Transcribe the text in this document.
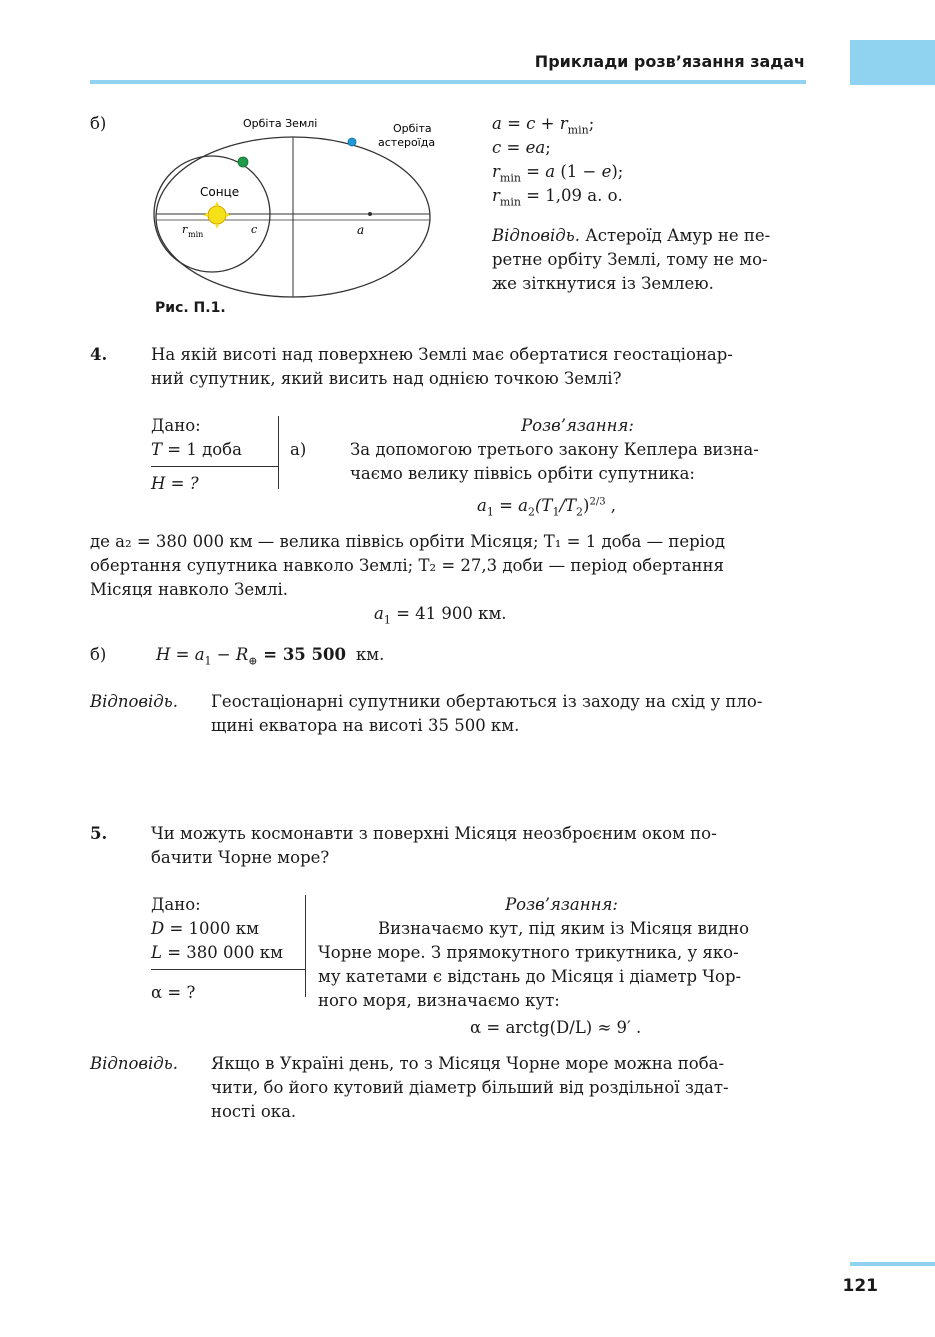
Приклади розв’язання задач
б)	Орбіта Землі	Орбіта
астероїда
Сонце
r min	c	a
Рис. П.1.
$a = c + r_{min}$;
c = ea;
$r_{min} = a$ (1 − e);
$r_{min} = 1,09$ а. о.
Відповідь. Астероїд Амур не пе-
ретне орбіту Землі, тому не мо-
же зіткнутися із Землею.
4.	На якій висоті над поверхнею Землі має обертатися геостаціонар-
ний супутник, який висить над однією точкою Землі?
Дано:
T = 1 доба
H = ?
Розв’язання:
а)	За допомогою третього закону Кеплера визна-
чаємо велику піввісь орбіти супутника:
$a_1 = a_2(T_1/T_2)^{2/3}$ ,
де a₂ = 380 000 км — велика піввісь орбіти Місяця; T₁ = 1 доба — період
обертання супутника навколо Землі; T₂ = 27,3 доби — період обертання
Місяця навколо Землі.
$a_1 = 41$ 900 км.
б)	$H = a_1 - R_\oplus = 35$ 500 км.
Відповідь. Геостаціонарні супутники обертаються із заходу на схід у пло-
щині екватора на висоті 35 500 км.
5.	Чи можуть космонавти з поверхні Місяця неозброєним оком по-
бачити Чорне море?
Дано:
D = 1000 км
L = 380 000 км
α = ?
Розв’язання:
Визначаємо кут, під яким із Місяця видно
Чорне море. З прямокутного трикутника, у яко-
му катетами є відстань до Місяця і діаметр Чор-
ного моря, визначаємо кут:
α = arctg(D/L) ≈ 9′ .
Відповідь. Якщо в Україні день, то з Місяця Чорне море можна поба-
чити, бо його кутовий діаметр більший від роздільної здат-
ності ока.
121
